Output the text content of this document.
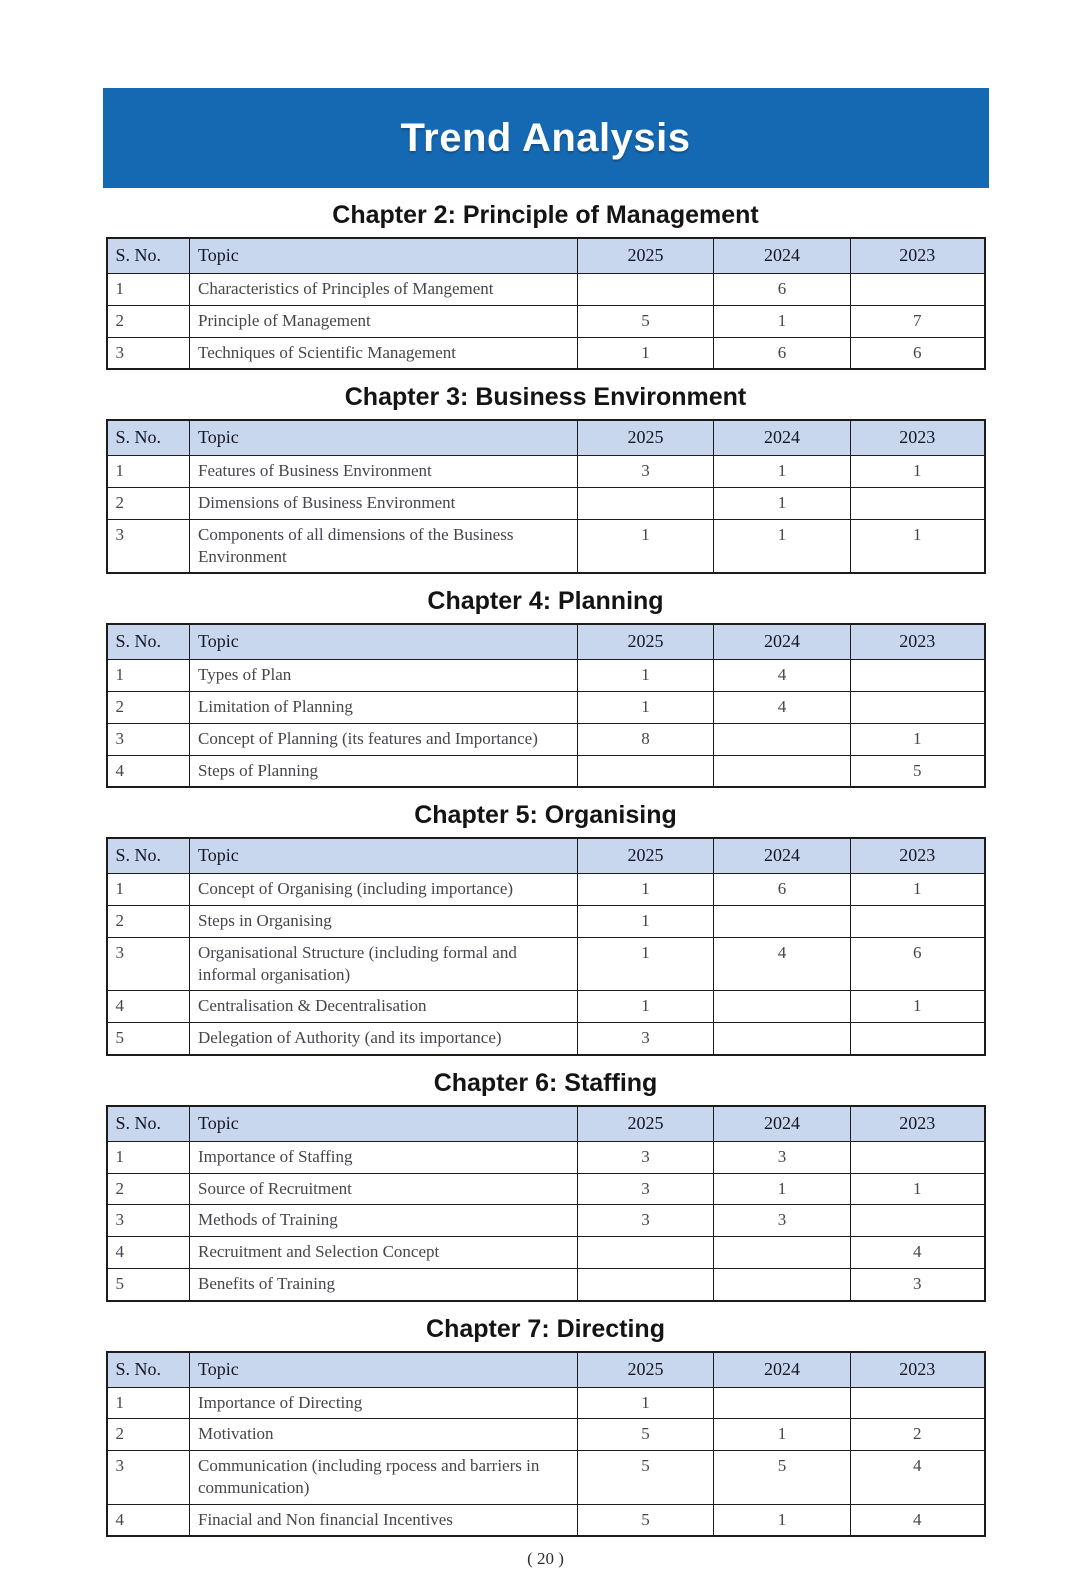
Trend Analysis
Chapter 2: Principle of Management
S. No.	Topic	2025	2024	2023
1	Characteristics of Principles of Mangement		6	
2	Principle of Management	5	1	7
3	Techniques of Scientific Management	1	6	6
Chapter 3: Business Environment
S. No.	Topic	2025	2024	2023
1	Features of Business Environment	3	1	1
2	Dimensions of Business Environment		1	
3	Components of all dimensions of the Business Environment	1	1	1
Chapter 4: Planning
S. No.	Topic	2025	2024	2023
1	Types of Plan	1	4	
2	Limitation of Planning	1	4	
3	Concept of Planning (its features and Importance)	8		1
4	Steps of Planning			5
Chapter 5: Organising
S. No.	Topic	2025	2024	2023
1	Concept of Organising (including importance)	1	6	1
2	Steps in Organising	1		
3	Organisational Structure (including formal and informal organisation)	1	4	6
4	Centralisation & Decentralisation	1		1
5	Delegation of Authority (and its importance)	3		
Chapter 6: Staffing
S. No.	Topic	2025	2024	2023
1	Importance of Staffing	3	3	
2	Source of Recruitment	3	1	1
3	Methods of Training	3	3	
4	Recruitment and Selection Concept			4
5	Benefits of Training			3
Chapter 7: Directing
S. No.	Topic	2025	2024	2023
1	Importance of Directing	1		
2	Motivation	5	1	2
3	Communication (including rpocess and barriers in communication)	5	5	4
4	Finacial and Non financial Incentives	5	1	4
( 20 )
